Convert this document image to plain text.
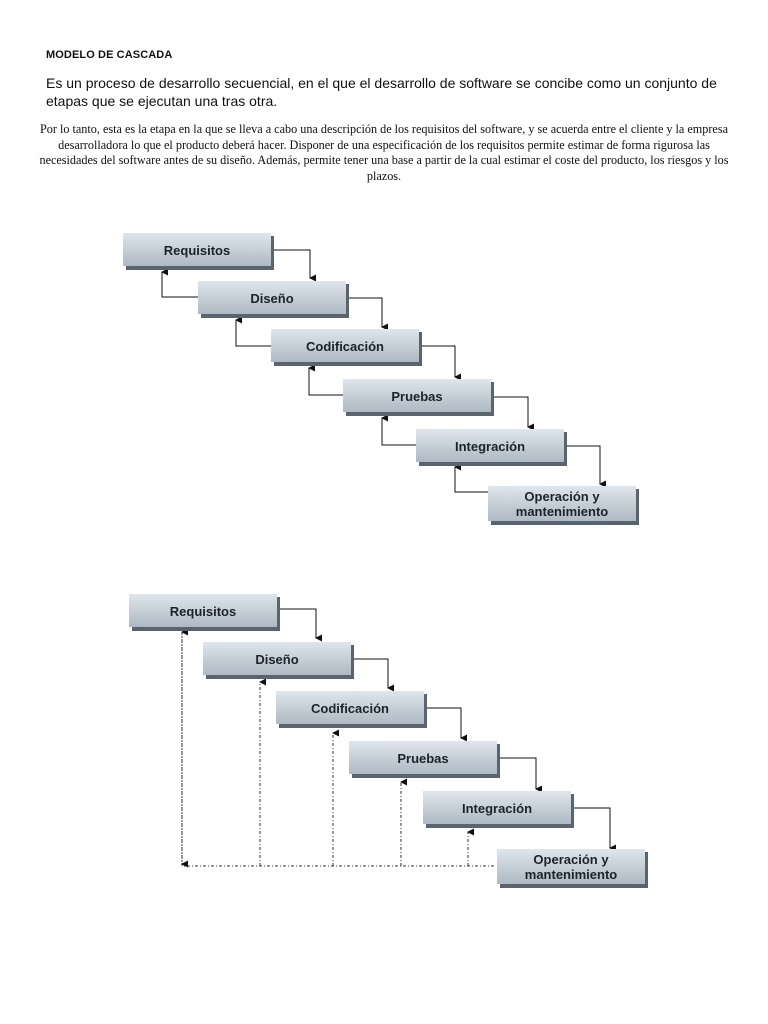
MODELO DE CASCADA
Es un proceso de desarrollo secuencial, en el que el desarrollo de software se concibe como un conjunto de etapas que se ejecutan una tras otra.
Por lo tanto, esta es la etapa en la que se lleva a cabo una descripción de los requisitos del software, y se acuerda entre el cliente y la empresa desarrolladora lo que el producto deberá hacer. Disponer de una especificación de los requisitos permite estimar de forma rigurosa las necesidades del software antes de su diseño. Además, permite tener una base a partir de la cual estimar el coste del producto, los riesgos y los plazos.
Requisitos
Diseño
Codificación
Pruebas
Integración
Operación y
mantenimiento
Requisitos
Diseño
Codificación
Pruebas
Integración
Operación y
mantenimiento
